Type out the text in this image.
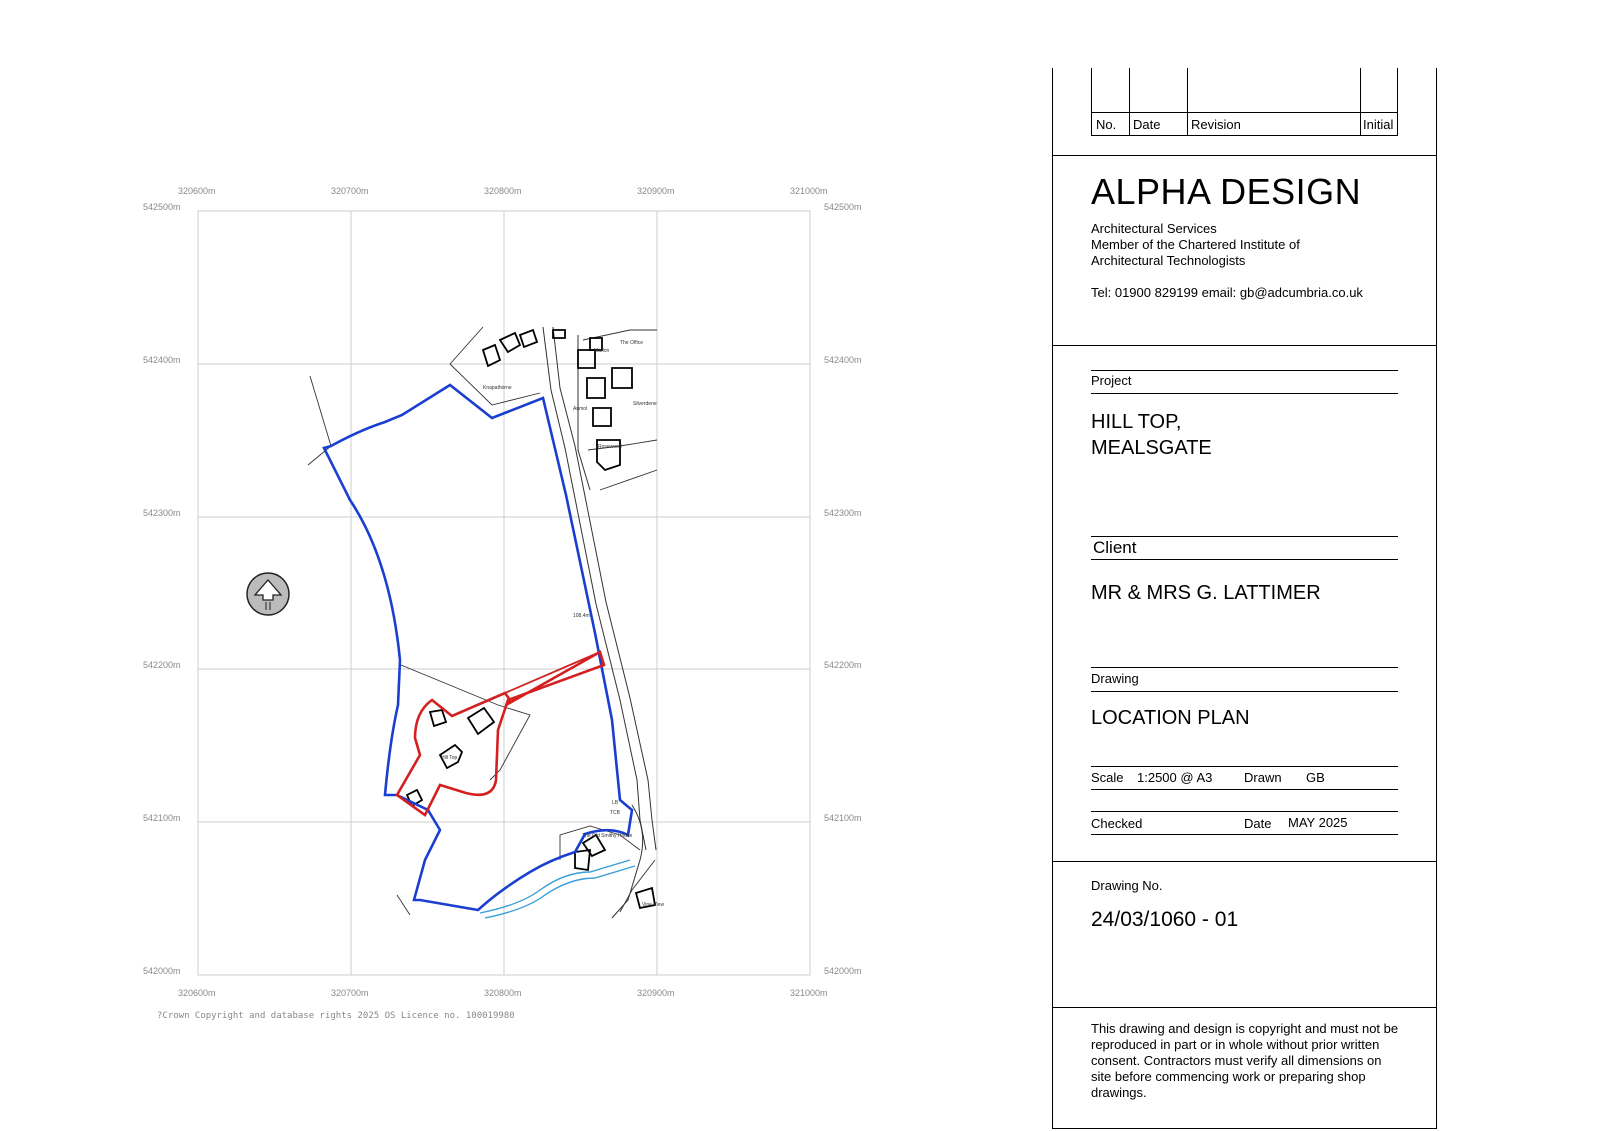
320600m	320700m	320800m	320900m	321000m
320600m	320700m	320800m	320900m	321000m
542500m
542400m
542300m
542200m
542100m
542000m
542500m
542400m
542300m
542200m
542100m
542000m
Knapathorne
The Office
Marlon
Silverdene
Anmol
Rosewood
Hill Top
The Old Smithy House
Vine View
108.4m
LB
TCB
?Crown Copyright and database rights 2025 OS Licence no. 100019980
No. Date Revision	Initial
ALPHA DESIGN
Architectural Services
Member of the Chartered Institute of
Architectural Technologists
Tel: 01900 829199 email: gb@adcumbria.co.uk
Project
HILL TOP,
MEALSGATE
Client
MR & MRS G. LATTIMER
Drawing
LOCATION PLAN
Scale 1:2500 @ A3 Drawn GB
Checked	Date MAY 2025
Drawing No.
24/03/1060 - 01
This drawing and design is copyright and must not be reproduced in part or in whole without prior written consent. Contractors must verify all dimensions on site before commencing work or preparing shop drawings.
